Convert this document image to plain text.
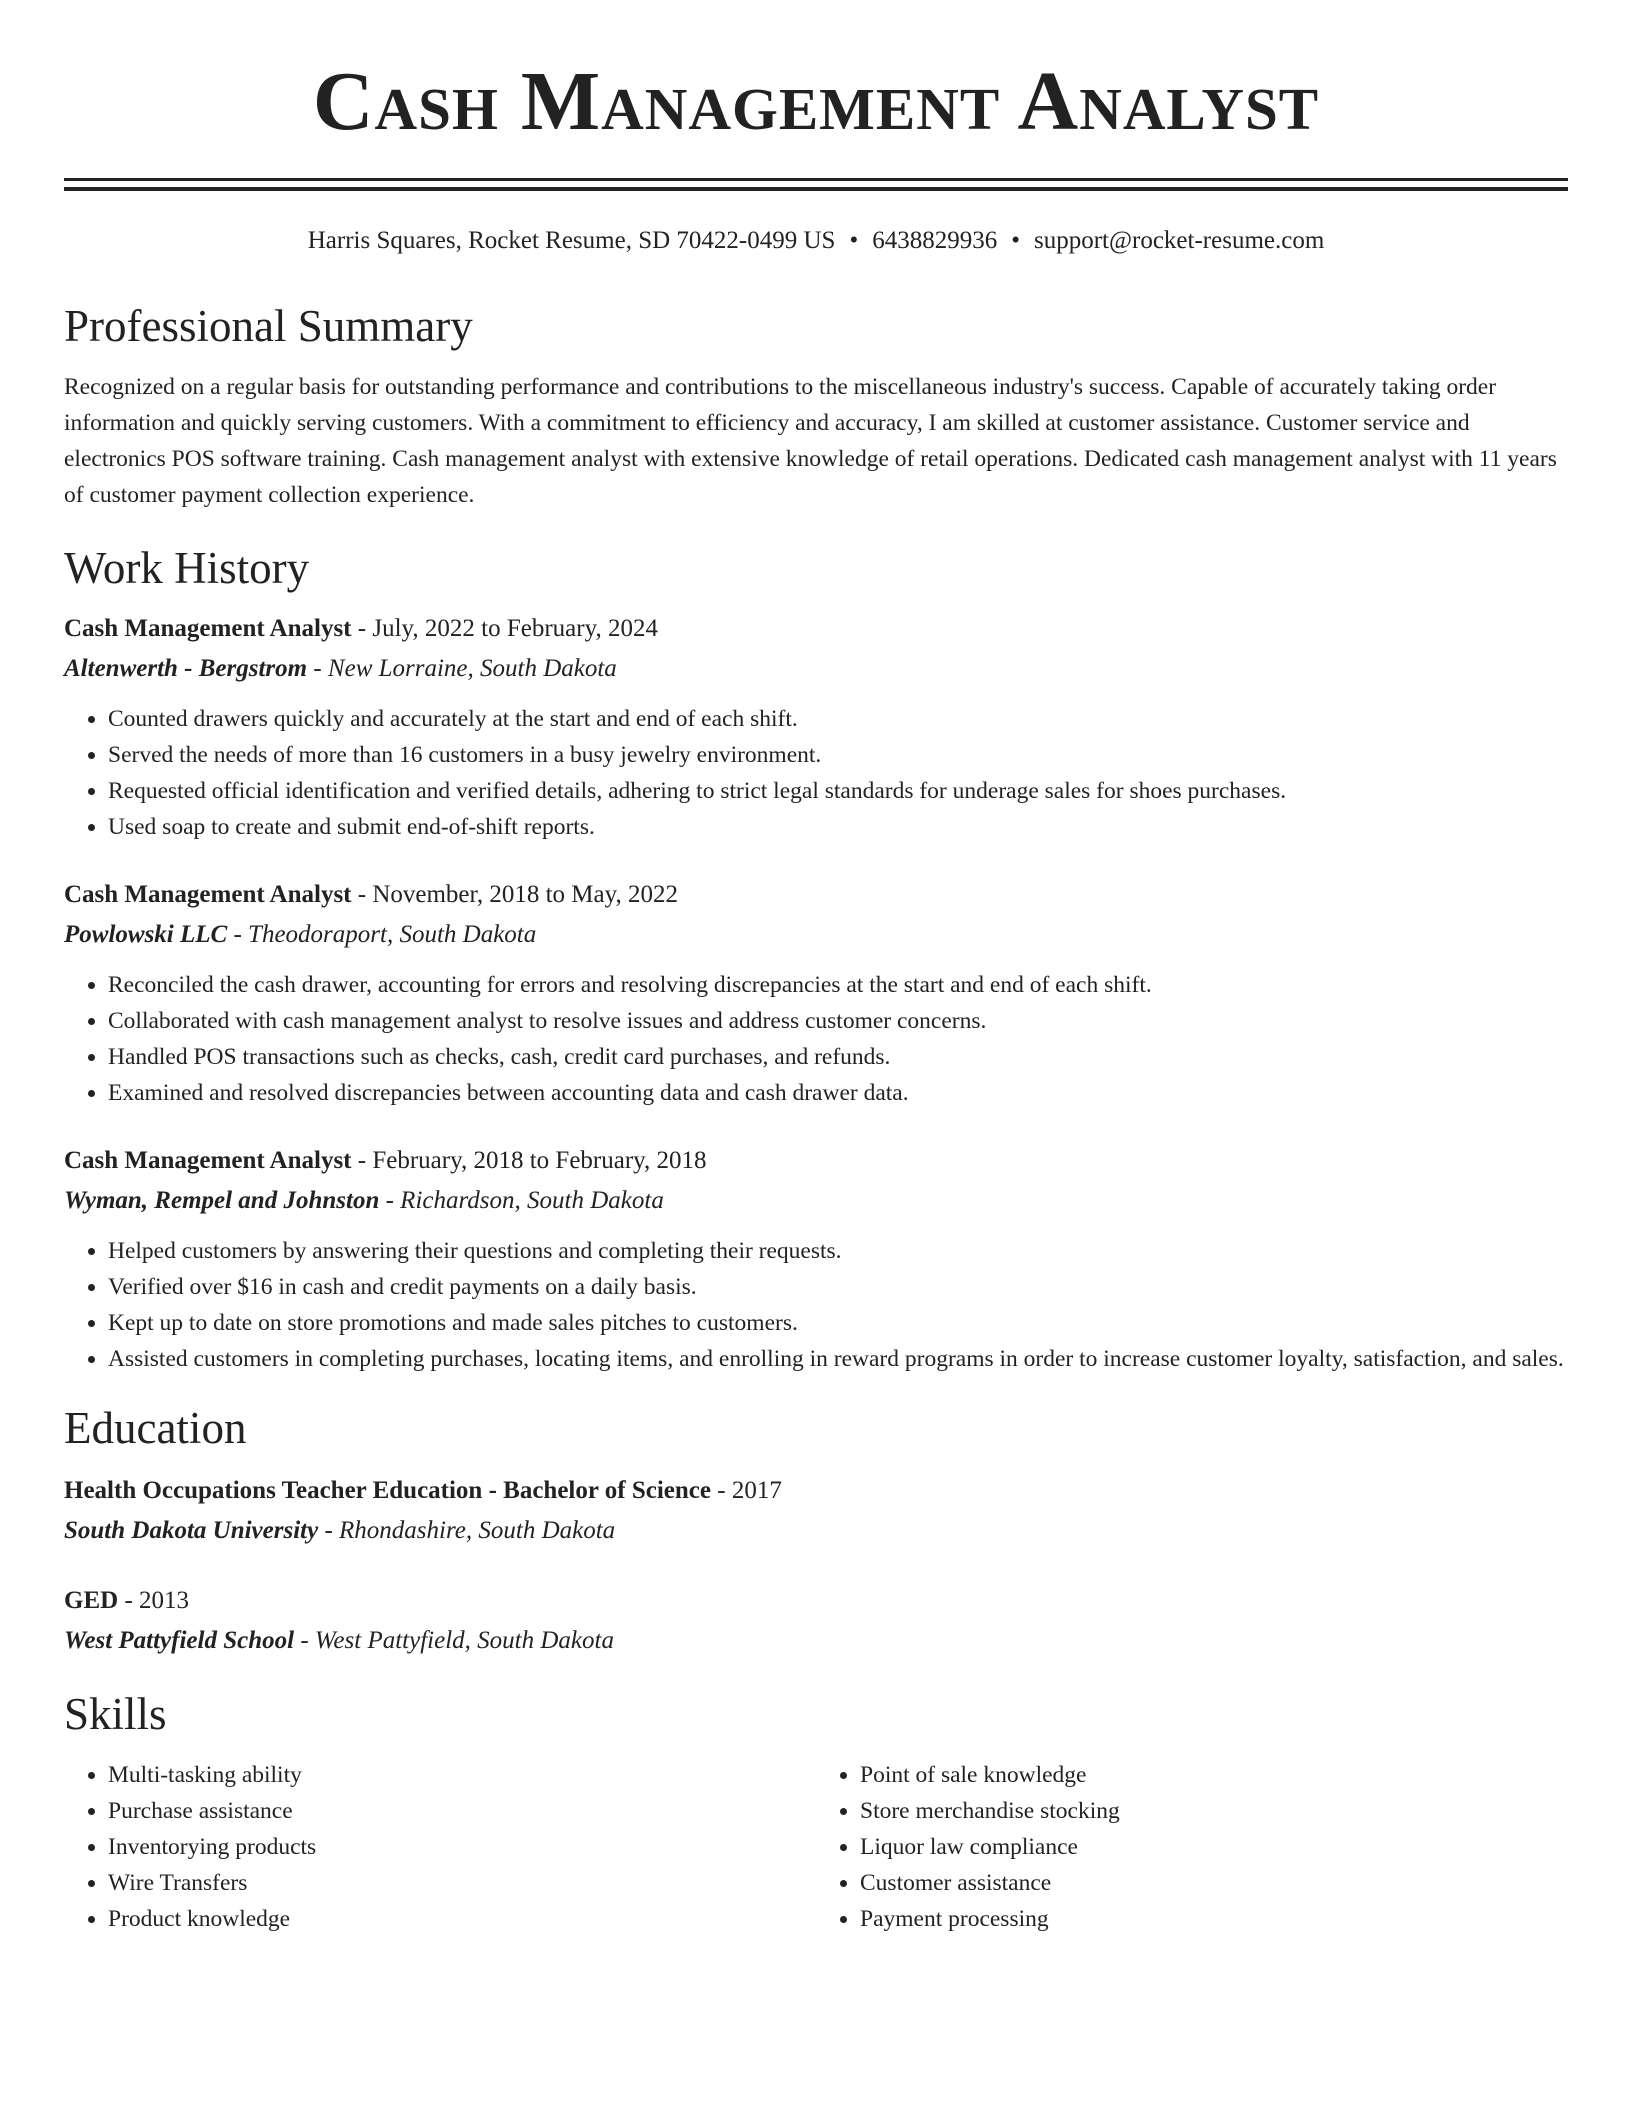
Cash Management Analyst
Harris Squares, Rocket Resume, SD 70422-0499 US • 6438829936 • support@rocket-resume.com
Professional Summary

Recognized on a regular basis for outstanding performance and contributions to the miscellaneous industry's success. Capable of accurately taking order information and quickly serving customers. With a commitment to efficiency and accuracy, I am skilled at customer assistance. Customer service and electronics POS software training. Cash management analyst with extensive knowledge of retail operations. Dedicated cash management analyst with 11 years of customer payment collection experience.

Work History
Cash Management Analyst - July, 2022 to February, 2024
Altenwerth - Bergstrom - New Lorraine, South Dakota
• Counted drawers quickly and accurately at the start and end of each shift.
• Served the needs of more than 16 customers in a busy jewelry environment.
• Requested official identification and verified details, adhering to strict legal standards for underage sales for shoes purchases.
• Used soap to create and submit end-of-shift reports.
Cash Management Analyst - November, 2018 to May, 2022
Powlowski LLC - Theodoraport, South Dakota
• Reconciled the cash drawer, accounting for errors and resolving discrepancies at the start and end of each shift.
• Collaborated with cash management analyst to resolve issues and address customer concerns.
• Handled POS transactions such as checks, cash, credit card purchases, and refunds.
• Examined and resolved discrepancies between accounting data and cash drawer data.
Cash Management Analyst - February, 2018 to February, 2018
Wyman, Rempel and Johnston - Richardson, South Dakota
• Helped customers by answering their questions and completing their requests.
• Verified over $16 in cash and credit payments on a daily basis.
• Kept up to date on store promotions and made sales pitches to customers.
• Assisted customers in completing purchases, locating items, and enrolling in reward programs in order to increase customer loyalty, satisfaction, and sales.
Education
Health Occupations Teacher Education - Bachelor of Science - 2017
South Dakota University - Rhondashire, South Dakota
GED - 2013
West Pattyfield School - West Pattyfield, South Dakota
Skills
• Multi-tasking ability
• Purchase assistance
• Inventorying products
• Wire Transfers
• Product knowledge
• Point of sale knowledge
• Store merchandise stocking
• Liquor law compliance
• Customer assistance
• Payment processing
